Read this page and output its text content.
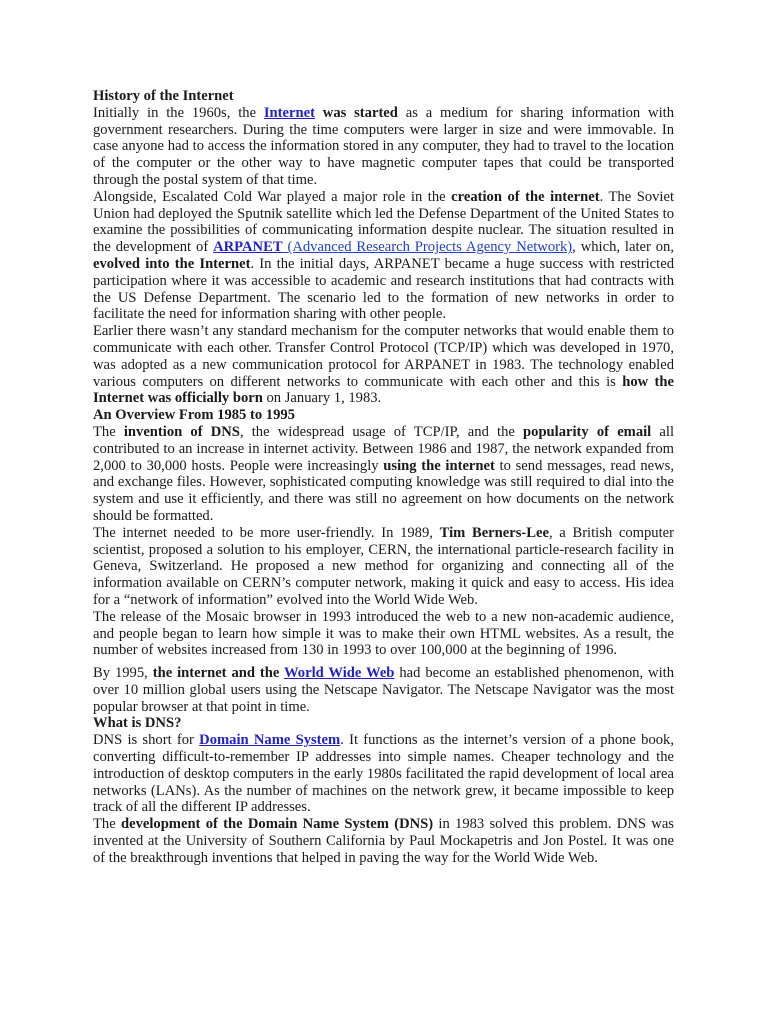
History of the Internet

Initially in the 1960s, the Internet was started as a medium for sharing information with government researchers. During the time computers were larger in size and were immovable. In case anyone had to access the information stored in any computer, they had to travel to the location of the computer or the other way to have magnetic computer tapes that could be transported through the postal system of that time.

Alongside, Escalated Cold War played a major role in the creation of the internet. The Soviet Union had deployed the Sputnik satellite which led the Defense Department of the United States to examine the possibilities of communicating information despite nuclear. The situation resulted in the development of ARPANET (Advanced Research Projects Agency Network), which, later on, evolved into the Internet. In the initial days, ARPANET became a huge success with restricted participation where it was accessible to academic and research institutions that had contracts with the US Defense Department. The scenario led to the formation of new networks in order to facilitate the need for information sharing with other people.

Earlier there wasn’t any standard mechanism for the computer networks that would enable them to communicate with each other. Transfer Control Protocol (TCP/IP) which was developed in 1970, was adopted as a new communication protocol for ARPANET in 1983. The technology enabled various computers on different networks to communicate with each other and this is how the Internet was officially born on January 1, 1983.

An Overview From 1985 to 1995

The invention of DNS, the widespread usage of TCP/IP, and the popularity of email all contributed to an increase in internet activity. Between 1986 and 1987, the network expanded from 2,000 to 30,000 hosts. People were increasingly using the internet to send messages, read news, and exchange files. However, sophisticated computing knowledge was still required to dial into the system and use it efficiently, and there was still no agreement on how documents on the network should be formatted.

The internet needed to be more user-friendly. In 1989, Tim Berners-Lee, a British computer scientist, proposed a solution to his employer, CERN, the international particle-research facility in Geneva, Switzerland. He proposed a new method for organizing and connecting all of the information available on CERN’s computer network, making it quick and easy to access. His idea for a “network of information” evolved into the World Wide Web.

The release of the Mosaic browser in 1993 introduced the web to a new non-academic audience, and people began to learn how simple it was to make their own HTML websites. As a result, the number of websites increased from 130 in 1993 to over 100,000 at the beginning of 1996.

By 1995, the internet and the World Wide Web had become an established phenomenon, with over 10 million global users using the Netscape Navigator. The Netscape Navigator was the most popular browser at that point in time.

What is DNS?

DNS is short for Domain Name System. It functions as the internet’s version of a phone book, converting difficult-to-remember IP addresses into simple names. Cheaper technology and the introduction of desktop computers in the early 1980s facilitated the rapid development of local area networks (LANs). As the number of machines on the network grew, it became impossible to keep track of all the different IP addresses.

The development of the Domain Name System (DNS) in 1983 solved this problem. DNS was invented at the University of Southern California by Paul Mockapetris and Jon Postel. It was one of the breakthrough inventions that helped in paving the way for the World Wide Web.
